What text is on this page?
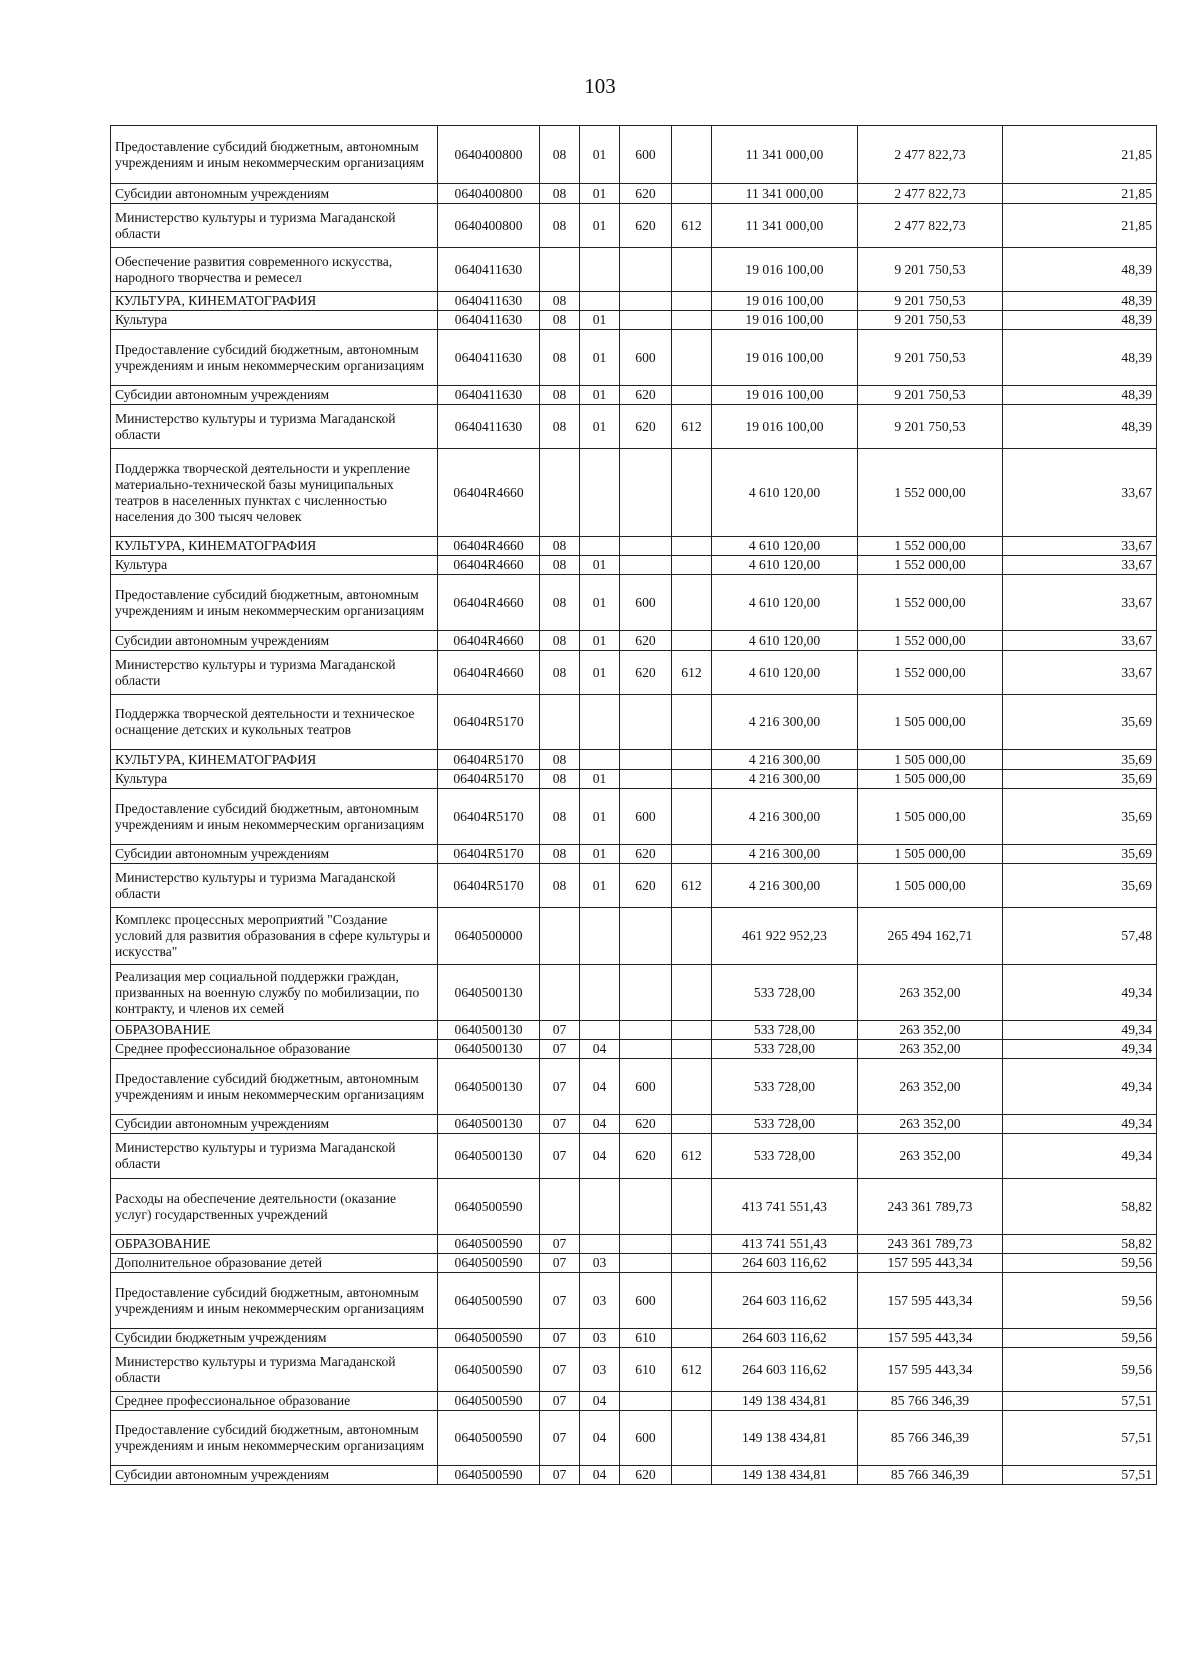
103
Предоставление субсидий бюджетным, автономным учреждениям и иным некоммерческим организациям	0640400800	08	01	600		11 341 000,00	2 477 822,73	21,85
Субсидии автономным учреждениям	0640400800	08	01	620		11 341 000,00	2 477 822,73	21,85
Министерство культуры и туризма Магаданской области	0640400800	08	01	620	612	11 341 000,00	2 477 822,73	21,85
Обеспечение развития современного искусства, народного творчества и ремесел	0640411630					19 016 100,00	9 201 750,53	48,39
КУЛЬТУРА, КИНЕМАТОГРАФИЯ	0640411630	08				19 016 100,00	9 201 750,53	48,39
Культура	0640411630	08	01			19 016 100,00	9 201 750,53	48,39
Предоставление субсидий бюджетным, автономным учреждениям и иным некоммерческим организациям	0640411630	08	01	600		19 016 100,00	9 201 750,53	48,39
Субсидии автономным учреждениям	0640411630	08	01	620		19 016 100,00	9 201 750,53	48,39
Министерство культуры и туризма Магаданской области	0640411630	08	01	620	612	19 016 100,00	9 201 750,53	48,39
Поддержка творческой деятельности и укрепление материально-технической базы муниципальных театров в населенных пунктах с численностью населения до 300 тысяч человек	06404R4660					4 610 120,00	1 552 000,00	33,67
КУЛЬТУРА, КИНЕМАТОГРАФИЯ	06404R4660	08				4 610 120,00	1 552 000,00	33,67
Культура	06404R4660	08	01			4 610 120,00	1 552 000,00	33,67
Предоставление субсидий бюджетным, автономным учреждениям и иным некоммерческим организациям	06404R4660	08	01	600		4 610 120,00	1 552 000,00	33,67
Субсидии автономным учреждениям	06404R4660	08	01	620		4 610 120,00	1 552 000,00	33,67
Министерство культуры и туризма Магаданской области	06404R4660	08	01	620	612	4 610 120,00	1 552 000,00	33,67
Поддержка творческой деятельности и техническое оснащение детских и кукольных театров	06404R5170					4 216 300,00	1 505 000,00	35,69
КУЛЬТУРА, КИНЕМАТОГРАФИЯ	06404R5170	08				4 216 300,00	1 505 000,00	35,69
Культура	06404R5170	08	01			4 216 300,00	1 505 000,00	35,69
Предоставление субсидий бюджетным, автономным учреждениям и иным некоммерческим организациям	06404R5170	08	01	600		4 216 300,00	1 505 000,00	35,69
Субсидии автономным учреждениям	06404R5170	08	01	620		4 216 300,00	1 505 000,00	35,69
Министерство культуры и туризма Магаданской области	06404R5170	08	01	620	612	4 216 300,00	1 505 000,00	35,69
Комплекс процессных мероприятий "Создание условий для развития образования в сфере культуры и искусства"	0640500000					461 922 952,23	265 494 162,71	57,48
Реализация мер социальной поддержки граждан, призванных на военную службу по мобилизации, по контракту, и членов их семей	0640500130					533 728,00	263 352,00	49,34
ОБРАЗОВАНИЕ	0640500130	07				533 728,00	263 352,00	49,34
Среднее профессиональное образование	0640500130	07	04			533 728,00	263 352,00	49,34
Предоставление субсидий бюджетным, автономным учреждениям и иным некоммерческим организациям	0640500130	07	04	600		533 728,00	263 352,00	49,34
Субсидии автономным учреждениям	0640500130	07	04	620		533 728,00	263 352,00	49,34
Министерство культуры и туризма Магаданской области	0640500130	07	04	620	612	533 728,00	263 352,00	49,34
Расходы на обеспечение деятельности (оказание услуг) государственных учреждений	0640500590					413 741 551,43	243 361 789,73	58,82
ОБРАЗОВАНИЕ	0640500590	07				413 741 551,43	243 361 789,73	58,82
Дополнительное образование детей	0640500590	07	03			264 603 116,62	157 595 443,34	59,56
Предоставление субсидий бюджетным, автономным учреждениям и иным некоммерческим организациям	0640500590	07	03	600		264 603 116,62	157 595 443,34	59,56
Субсидии бюджетным учреждениям	0640500590	07	03	610		264 603 116,62	157 595 443,34	59,56
Министерство культуры и туризма Магаданской области	0640500590	07	03	610	612	264 603 116,62	157 595 443,34	59,56
Среднее профессиональное образование	0640500590	07	04			149 138 434,81	85 766 346,39	57,51
Предоставление субсидий бюджетным, автономным учреждениям и иным некоммерческим организациям	0640500590	07	04	600		149 138 434,81	85 766 346,39	57,51
Субсидии автономным учреждениям	0640500590	07	04	620		149 138 434,81	85 766 346,39	57,51
